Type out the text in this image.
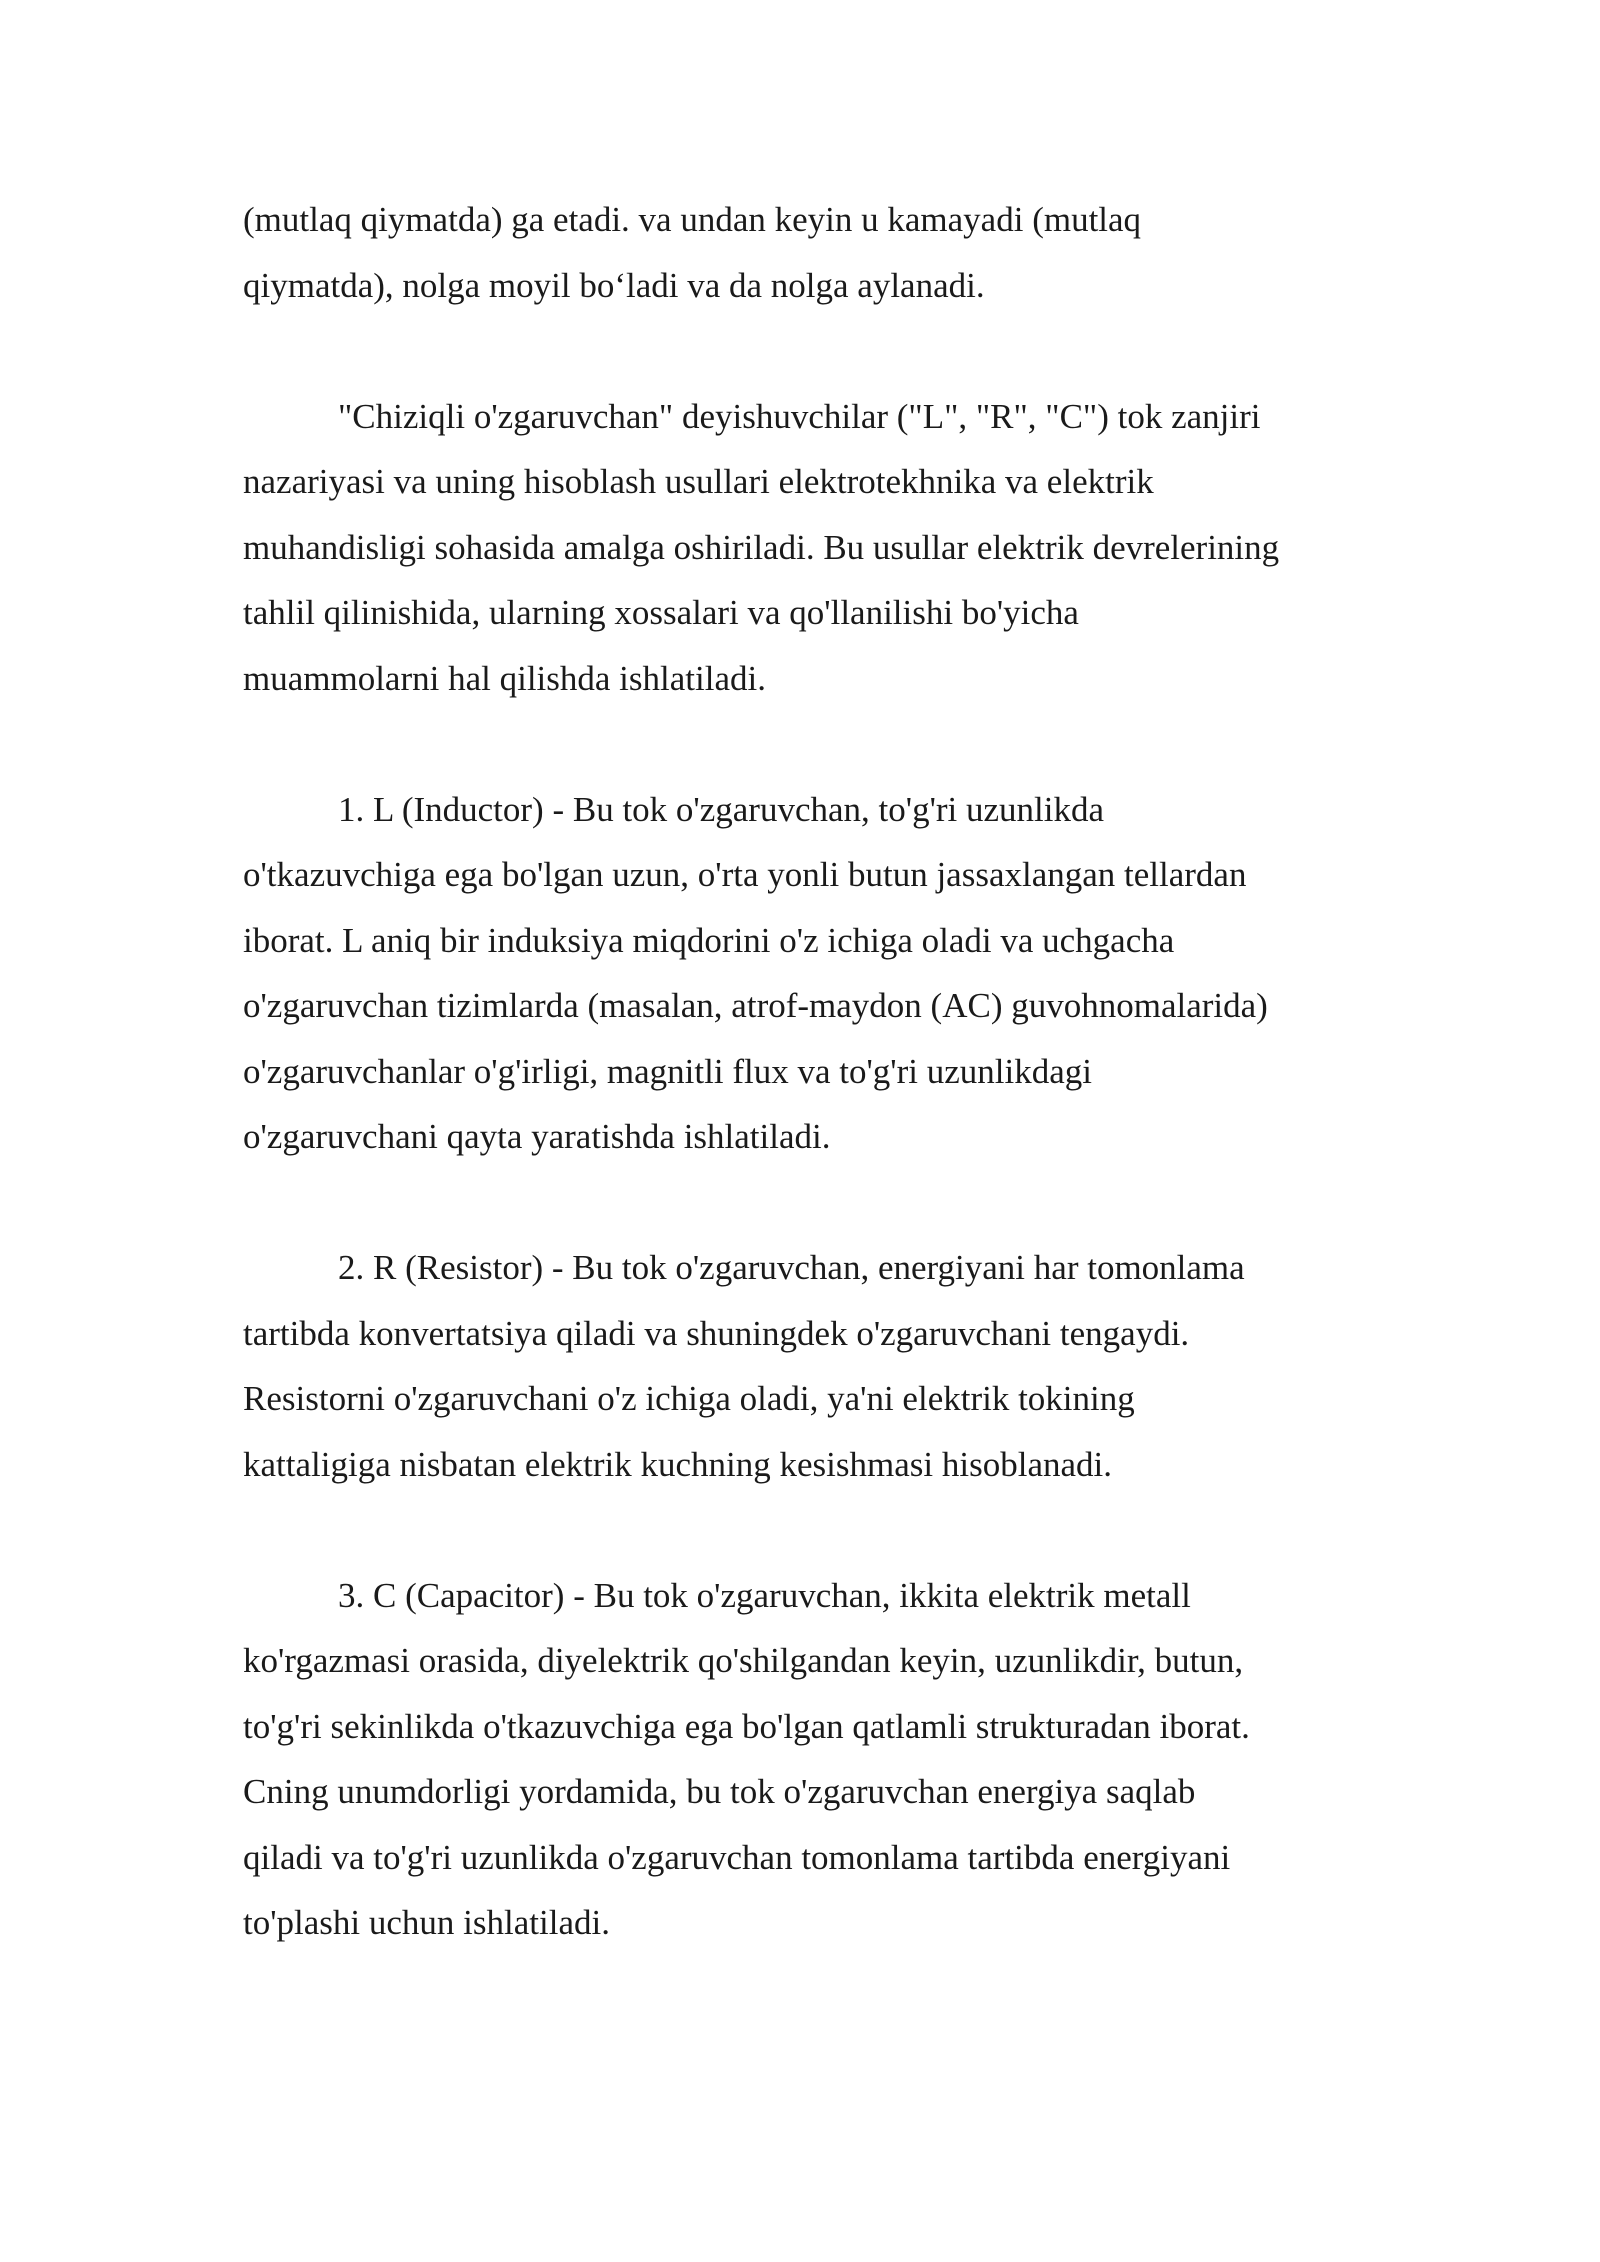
(mutlaq qiymatda) ga etadi. va undan keyin u kamayadi (mutlaq
qiymatda), nolga moyil bo‘ladi va da nolga aylanadi.
"Chiziqli o'zgaruvchan" deyishuvchilar ("L", "R", "C") tok zanjiri
nazariyasi va uning hisoblash usullari elektrotekhnika va elektrik
muhandisligi sohasida amalga oshiriladi. Bu usullar elektrik devrelerining
tahlil qilinishida, ularning xossalari va qo'llanilishi bo'yicha
muammolarni hal qilishda ishlatiladi.
1. L (Inductor) - Bu tok o'zgaruvchan, to'g'ri uzunlikda
o'tkazuvchiga ega bo'lgan uzun, o'rta yonli butun jassaxlangan tellardan
iborat. L aniq bir induksiya miqdorini o'z ichiga oladi va uchgacha
o'zgaruvchan tizimlarda (masalan, atrof-maydon (AC) guvohnomalarida)
o'zgaruvchanlar o'g'irligi, magnitli flux va to'g'ri uzunlikdagi
o'zgaruvchani qayta yaratishda ishlatiladi.
2. R (Resistor) - Bu tok o'zgaruvchan, energiyani har tomonlama
tartibda konvertatsiya qiladi va shuningdek o'zgaruvchani tengaydi.
Resistorni o'zgaruvchani o'z ichiga oladi, ya'ni elektrik tokining
kattaligiga nisbatan elektrik kuchning kesishmasi hisoblanadi.
3. C (Capacitor) - Bu tok o'zgaruvchan, ikkita elektrik metall
ko'rgazmasi orasida, diyelektrik qo'shilgandan keyin, uzunlikdir, butun,
to'g'ri sekinlikda o'tkazuvchiga ega bo'lgan qatlamli strukturadan iborat.
Cning unumdorligi yordamida, bu tok o'zgaruvchan energiya saqlab
qiladi va to'g'ri uzunlikda o'zgaruvchan tomonlama tartibda energiyani
to'plashi uchun ishlatiladi.
